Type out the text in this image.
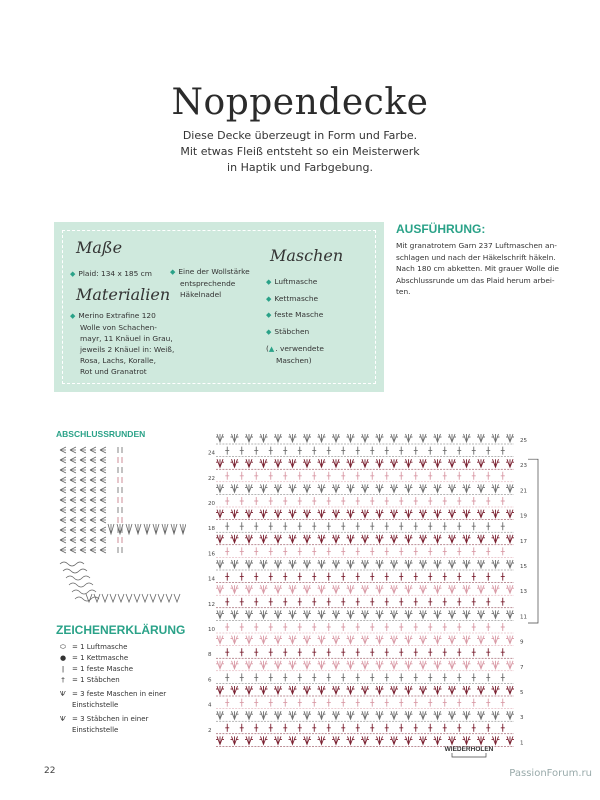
Noppendecke
Diese Decke überzeugt in Form und Farbe.
Mit etwas Fleiß entsteht so ein Meisterwerk
in Haptik und Farbgebung.
Maße
◆ Plaid: 134 x 185 cm
Materialien
◆ Merino Extrafine 120
Wolle von Schachen-
mayr, 11 Knäuel in Grau,
jeweils 2 Knäuel in: Weiß,
Rosa, Lachs, Koralle,
Rot und Granatrot
◆ Eine der Wollstärke
entsprechende
Häkelnadel
Maschen
◆ Luftmasche
◆ Kettmasche
◆ feste Masche
◆ Stäbchen
(▲. verwendete
Maschen)
AUSFÜHRUNG:
Mit granatrotem Garn 237 Luftmaschen an-
schlagen und nach der Häkelschrift häkeln.
Nach 180 cm abketten. Mit grauer Wolle die
Abschlussrunde um das Plaid herum arbei-
ten.
ABSCHLUSSRUNDEN
ZEICHENERKLÄRUNG
⬭ = 1 Luftmasche
● = 1 Kettmasche
ǀ	= 1 feste Masche
†	= 1 Stäbchen
Ѱ = 3 feste Maschen in einer
Einstichstelle
Ѱ = 3 Stäbchen in einer
Einstichstelle
25
23
21
19
17
15
13
11
9
7
5
3
1
24
22
20
18
16
14
12
10
8
6
4
2
WIEDERHOLEN
22	PassionForum.ru
